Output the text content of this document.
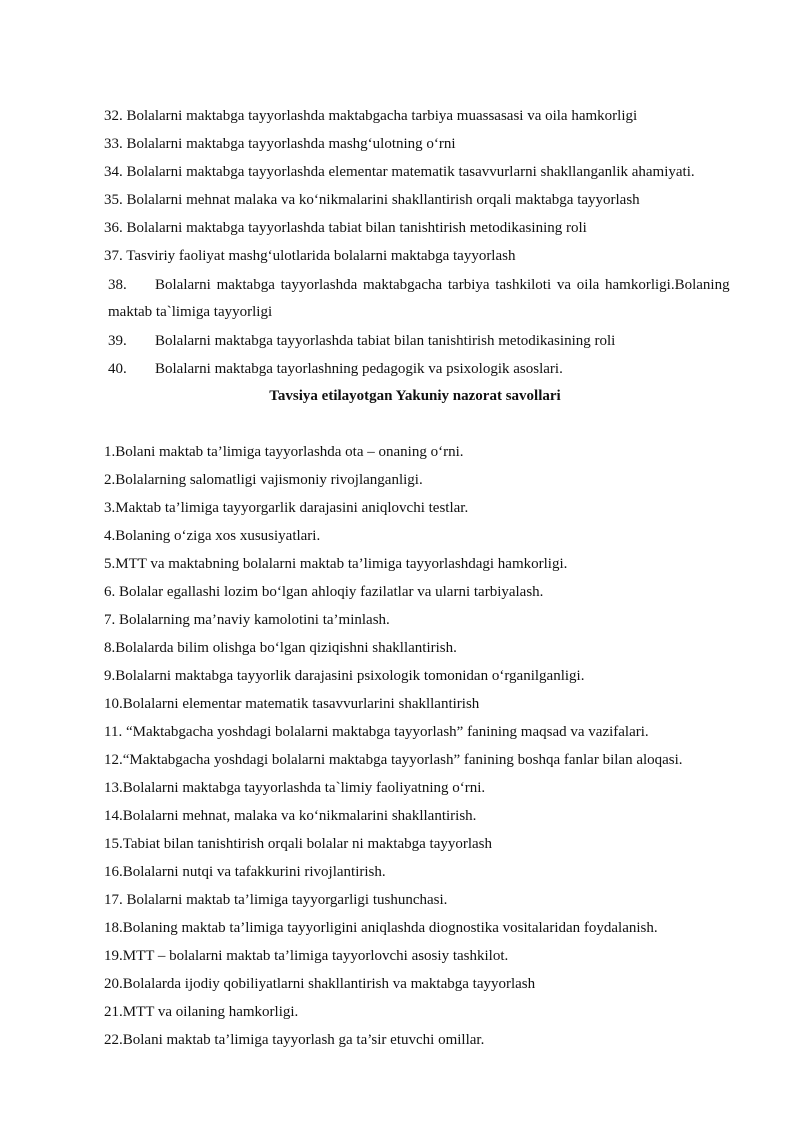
32. Bolalarni maktabga tayyorlashda maktabgacha tarbiya muassasasi va oila hamkorligi
33. Bolalarni maktabga tayyorlashda mashg‘ulotning o‘rni
34. Bolalarni maktabga tayyorlashda elementar matematik tasavvurlarni shakllanganlik ahamiyati.
35. Bolalarni mehnat malaka va ko‘nikmalarini shakllantirish orqali maktabga tayyorlash
36. Bolalarni maktabga tayyorlashda tabiat bilan tanishtirish metodikasining roli
37. Tasviriy faoliyat mashg‘ulotlarida bolalarni maktabga tayyorlash
38.	Bolalarni maktabga tayyorlashda maktabgacha tarbiya tashkiloti va oila hamkorligi.Bolaning
maktab ta`limiga tayyorligi
39.	Bolalarni maktabga tayyorlashda tabiat bilan tanishtirish metodikasining roli
40.	Bolalarni maktabga tayorlashning pedagogik va psixologik asoslari.
Tavsiya etilayotgan Yakuniy nazorat savollari
1.Bolani maktab ta’limiga tayyorlashda ota – onaning o‘rni.
2.Bolalarning salomatligi vajismoniy rivojlanganligi.
3.Maktab ta’limiga tayyorgarlik darajasini aniqlovchi testlar.
4.Bolaning o‘ziga xos xususiyatlari.
5.MTT va maktabning bolalarni maktab ta’limiga tayyorlashdagi hamkorligi.
6. Bolalar egallashi lozim bo‘lgan ahloqiy fazilatlar va ularni tarbiyalash.
7. Bolalarning ma’naviy kamolotini ta’minlash.
8.Bolalarda bilim olishga bo‘lgan qiziqishni shakllantirish.
9.Bolalarni maktabga tayyorlik darajasini psixologik tomonidan o‘rganilganligi.
10.Bolalarni elementar matematik tasavvurlarini shakllantirish
11. “Maktabgacha yoshdagi bolalarni maktabga tayyorlash” fanining maqsad va vazifalari.
12.“Maktabgacha yoshdagi bolalarni maktabga tayyorlash” fanining boshqa fanlar bilan aloqasi.
13.Bolalarni maktabga tayyorlashda ta`limiy faoliyatning o‘rni.
14.Bolalarni mehnat, malaka va ko‘nikmalarini shakllantirish.
15.Tabiat bilan tanishtirish orqali bolalar ni maktabga tayyorlash
16.Bolalarni nutqi va tafakkurini rivojlantirish.
17. Bolalarni maktab ta’limiga tayyorgarligi tushunchasi.
18.Bolaning maktab ta’limiga tayyorligini aniqlashda diognostika vositalaridan foydalanish.
19.MTT – bolalarni maktab ta’limiga tayyorlovchi asosiy tashkilot.
20.Bolalarda ijodiy qobiliyatlarni shakllantirish va maktabga tayyorlash
21.MTT va oilaning hamkorligi.
22.Bolani maktab ta’limiga tayyorlash ga ta’sir etuvchi omillar.
